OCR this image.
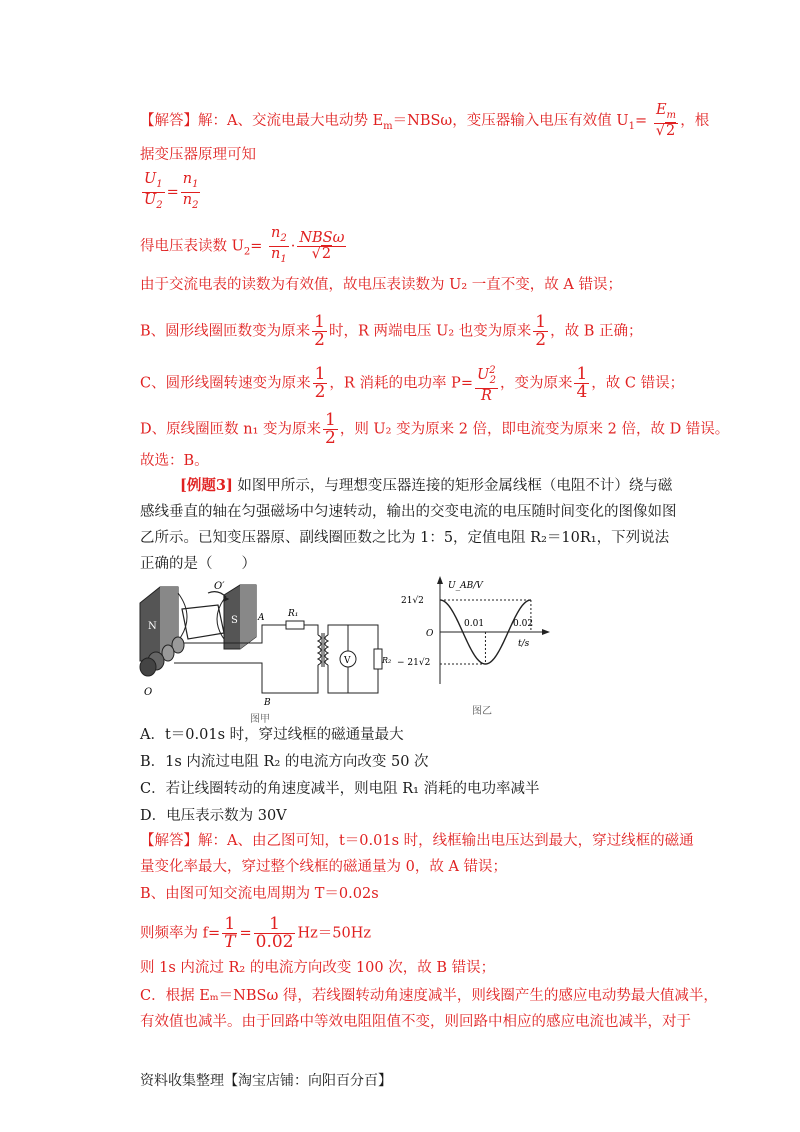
【解答】解：A、交流电最大电动势 $E_m=NBS\omega$，变压器输入电压有效值 $U_1= \frac{E_m}{√2}$ ，根
据变压器原理可知
$\frac{U_1}{U_2} = \frac{n_1}{n_2}$
得电压表读数 $U_2= \frac{n_2}{n_1} \cdot \frac{\text{NBSω}}{√2}$
由于交流电表的读数为有效值，故电压表读数为 U₂ 一直不变，故 A 错误；
B、圆形线圈匝数变为原来 $\frac{1}{2}$ 时，R 两端电压 U₂ 也变为原来 $\frac{1}{2}$ ，故 B 正确；
C、圆形线圈转速变为原来 $\frac{1}{2}$ ，R 消耗的电功率 $P= \frac{U^2_2}{R}$ ，变为原来 $\frac{1}{4}$ ，故 C 错误；
D、原线圈匝数 n₁ 变为原来 $\frac{1}{2}$ ，则 U₂ 变为原来 2 倍，即电流变为原来 2 倍，故 D 错误。
故选：B。
[例题3] 如图甲所示，与理想变压器连接的矩形金属线框（电阻不计）绕与磁感线垂直的轴在匀强磁场中匀速转动，输出的交变电流的电压随时间变化的图像如图乙所示。已知变压器原、副线圈匝数之比为 1：5，定值电阻 R₂＝10R₁，下列说法正确的是（　　）
N
S
O′
O
A
B
R₁
V	R₂
图甲
U_AB/V
21√2
− 21√2
O
0.01	0.02
t/s
图乙
A．t＝0.01s 时，穿过线框的磁通量最大
B．1s 内流过电阻 R₂ 的电流方向改变 50 次
C．若让线圈转动的角速度减半，则电阻 R₁ 消耗的电功率减半
D．电压表示数为 30V
【解答】解：A、由乙图可知，t＝0.01s 时，线框输出电压达到最大，穿过线框的磁通
量变化率最大，穿过整个线框的磁通量为 0，故 A 错误；
B、由图可知交流电周期为 T＝0.02s
则频率为 $f= \frac{1}{T} = \frac{1}{0.02} Hz=50Hz$
则 1s 内流过 R₂ 的电流方向改变 100 次，故 B 错误；
C．根据 Eₘ＝NBSω 得，若线圈转动角速度减半，则线圈产生的感应电动势最大值减半，
有效值也减半。由于回路中等效电阻阻值不变，则回路中相应的感应电流也减半，对于
资料收集整理【淘宝店铺：向阳百分百】
